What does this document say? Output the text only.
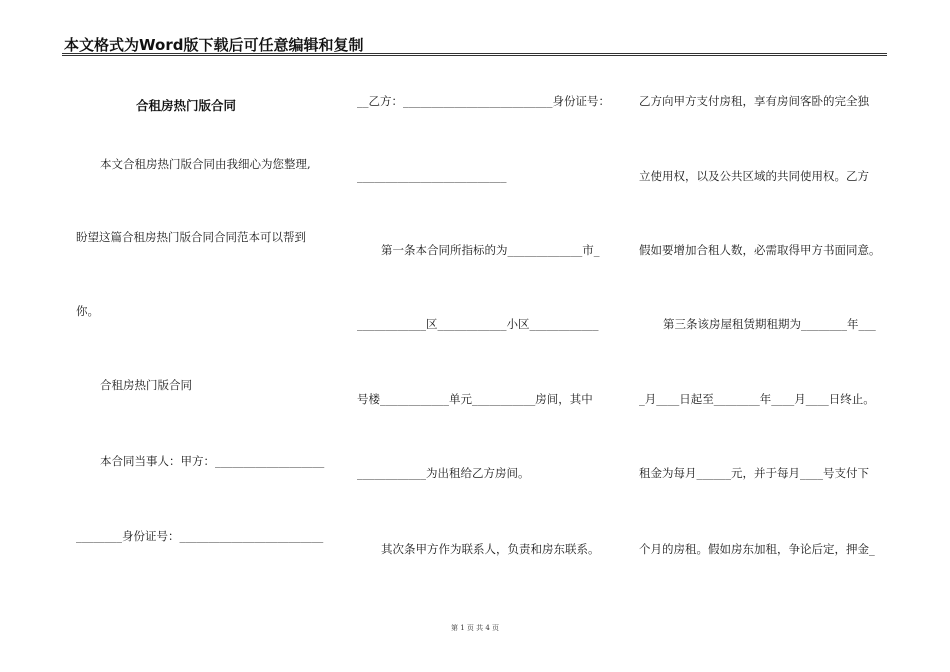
本文格式为Word版下载后可任意编辑和复制
合租房热门版合同
本文合租房热门版合同由我细心为您整理,
盼望这篇合租房热门版合同合同范本可以帮到
你。
合租房热门版合同
本合同当事人：甲方：___________________
________身份证号：_________________________
__乙方：__________________________身份证号：
__________________________
第一条本合同所指标的为_____________市_
____________区____________小区____________
号楼____________单元___________房间，其中
____________为出租给乙方房间。
其次条甲方作为联系人，负责和房东联系。
乙方向甲方支付房租，享有房间客卧的完全独
立使用权，以及公共区域的共同使用权。乙方
假如要增加合租人数，必需取得甲方书面同意。
第三条该房屋租赁期租期为________年___
_月____日起至________年____月____日终止。
租金为每月______元，并于每月____号支付下
个月的房租。假如房东加租，争论后定，押金_
第 1 页 共 4 页
